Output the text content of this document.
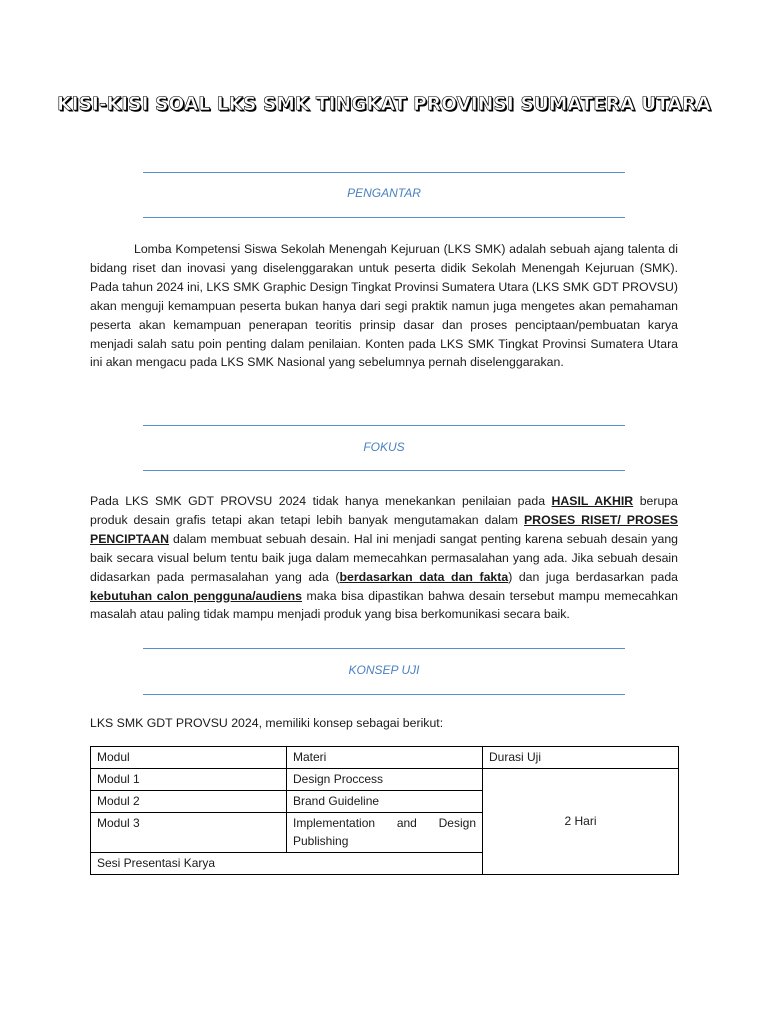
KISI-KISI SOAL LKS SMK TINGKAT PROVINSI SUMATERA UTARA
PENGANTAR

Lomba Kompetensi Siswa Sekolah Menengah Kejuruan (LKS SMK) adalah sebuah ajang talenta di bidang riset dan inovasi yang diselenggarakan untuk peserta didik Sekolah Menengah Kejuruan (SMK). Pada tahun 2024 ini, LKS SMK Graphic Design Tingkat Provinsi Sumatera Utara (LKS SMK GDT PROVSU) akan menguji kemampuan peserta bukan hanya dari segi praktik namun juga mengetes akan pemahaman peserta akan kemampuan penerapan teoritis prinsip dasar dan proses penciptaan/pembuatan karya menjadi salah satu poin penting dalam penilaian. Konten pada LKS SMK Tingkat Provinsi Sumatera Utara ini akan mengacu pada LKS SMK Nasional yang sebelumnya pernah diselenggarakan.

FOKUS

Pada LKS SMK GDT PROVSU 2024 tidak hanya menekankan penilaian pada HASIL AKHIR berupa produk desain grafis tetapi akan tetapi lebih banyak mengutamakan dalam PROSES RISET/ PROSES PENCIPTAAN dalam membuat sebuah desain. Hal ini menjadi sangat penting karena sebuah desain yang baik secara visual belum tentu baik juga dalam memecahkan permasalahan yang ada. Jika sebuah desain didasarkan pada permasalahan yang ada (berdasarkan data dan fakta) dan juga berdasarkan pada kebutuhan calon pengguna/audiens maka bisa dipastikan bahwa desain tersebut mampu memecahkan masalah atau paling tidak mampu menjadi produk yang bisa berkomunikasi secara baik.

KONSEP UJI
LKS SMK GDT PROVSU 2024, memiliki konsep sebagai berikut:
Modul	Materi	Durasi Uji
Modul 1	Design Proccess	2 Hari
Modul 2	Brand Guideline	
Modul 3	Implementation and Design Publishing	
Sesi Presentasi Karya		
